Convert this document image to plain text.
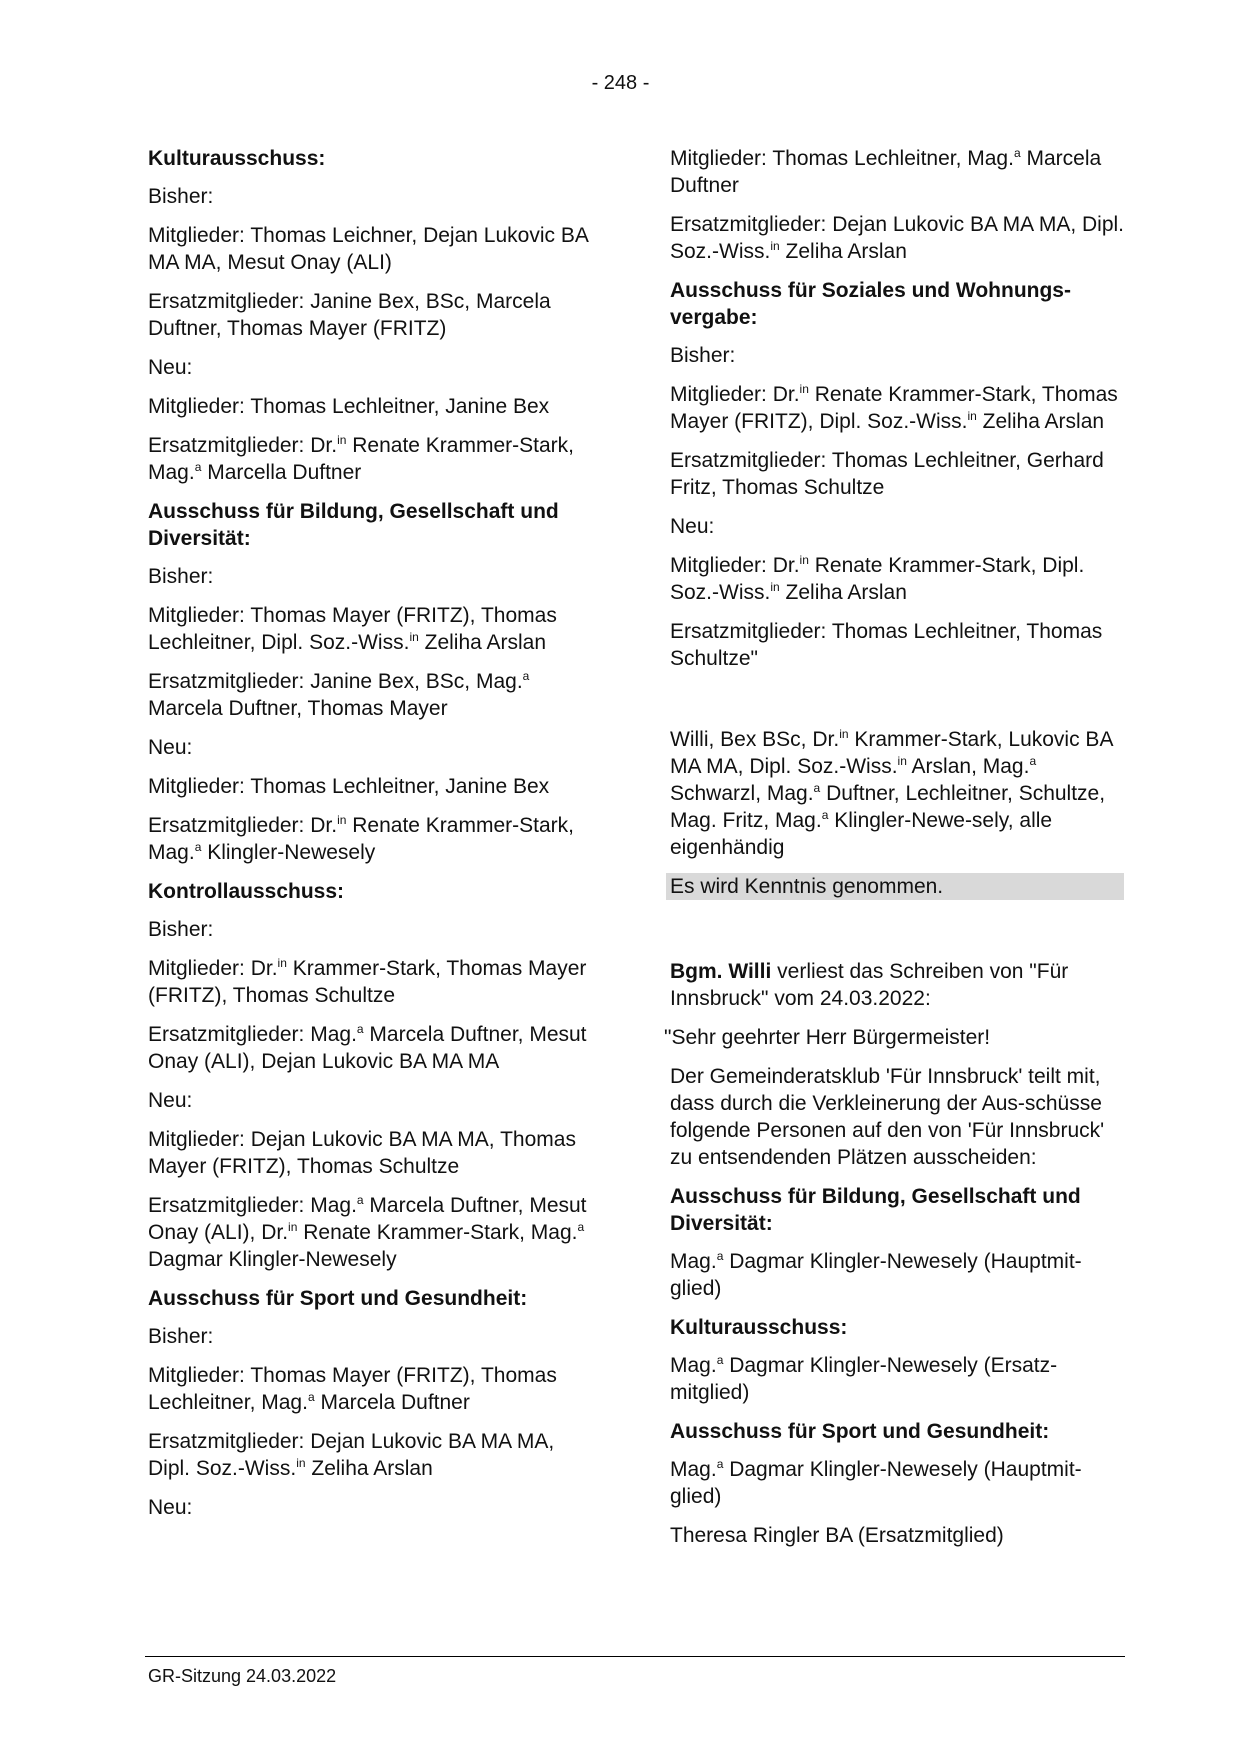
- 248 -
Kulturausschuss:
Bisher:
Mitglieder: Thomas Leichner, Dejan Lukovic BA MA MA, Mesut Onay (ALI)
Ersatzmitglieder: Janine Bex, BSc, Marcela Duftner, Thomas Mayer (FRITZ)
Neu:
Mitglieder: Thomas Lechleitner, Janine Bex
Ersatzmitglieder: Dr.$^{in}$ Renate Krammer-Stark, Mag.$^a$ Marcella Duftner
Ausschuss für Bildung, Gesellschaft und Diversität:
Bisher:
Mitglieder: Thomas Mayer (FRITZ), Thomas Lechleitner, Dipl. Soz.-Wiss.$^{in}$ Zeliha Arslan
Ersatzmitglieder: Janine Bex, BSc, Mag.$^a$ Marcela Duftner, Thomas Mayer
Neu:
Mitglieder: Thomas Lechleitner, Janine Bex
Ersatzmitglieder: Dr.$^{in}$ Renate Krammer-Stark, Mag.$^a$ Klingler-Newesely
Kontrollausschuss:
Bisher:
Mitglieder: Dr.$^{in}$ Krammer-Stark, Thomas Mayer (FRITZ), Thomas Schultze
Ersatzmitglieder: Mag.$^a$ Marcela Duftner, Mesut Onay (ALI), Dejan Lukovic BA MA MA
Neu:
Mitglieder: Dejan Lukovic BA MA MA, Thomas Mayer (FRITZ), Thomas Schultze
Ersatzmitglieder: Mag.$^a$ Marcela Duftner, Mesut Onay (ALI), Dr.$^{in}$ Renate Krammer-Stark, Mag.$^a$ Dagmar Klingler-Newesely
Ausschuss für Sport und Gesundheit:
Bisher:
Mitglieder: Thomas Mayer (FRITZ), Thomas Lechleitner, Mag.$^a$ Marcela Duftner
Ersatzmitglieder: Dejan Lukovic BA MA MA, Dipl. Soz.-Wiss.$^{in}$ Zeliha Arslan
Neu:
Mitglieder: Thomas Lechleitner, Mag.$^a$ Marcela Duftner
Ersatzmitglieder: Dejan Lukovic BA MA MA, Dipl. Soz.-Wiss.$^{in}$ Zeliha Arslan
Ausschuss für Soziales und Wohnungs-vergabe:
Bisher:
Mitglieder: Dr.$^{in}$ Renate Krammer-Stark, Thomas Mayer (FRITZ), Dipl. Soz.-Wiss.$^{in}$ Zeliha Arslan
Ersatzmitglieder: Thomas Lechleitner, Gerhard Fritz, Thomas Schultze
Neu:
Mitglieder: Dr.$^{in}$ Renate Krammer-Stark, Dipl. Soz.-Wiss.$^{in}$ Zeliha Arslan
Ersatzmitglieder: Thomas Lechleitner, Thomas Schultze"
Willi, Bex BSc, Dr.$^{in}$ Krammer-Stark, Lukovic BA MA MA, Dipl. Soz.-Wiss.$^{in}$ Arslan, Mag.$^a$ Schwarzl, Mag.$^a$ Duftner, Lechleitner, Schultze, Mag. Fritz, Mag.$^a$ Klingler-Newe-sely, alle eigenhändig
Es wird Kenntnis genommen.
Bgm. Willi verliest das Schreiben von "Für Innsbruck" vom 24.03.2022:
"Sehr geehrter Herr Bürgermeister!
Der Gemeinderatsklub 'Für Innsbruck' teilt mit, dass durch die Verkleinerung der Aus-schüsse folgende Personen auf den von 'Für Innsbruck' zu entsendenden Plätzen ausscheiden:
Ausschuss für Bildung, Gesellschaft und Diversität:
Mag.$^a$ Dagmar Klingler-Newesely (Hauptmit-glied)
Kulturausschuss:
Mag.$^a$ Dagmar Klingler-Newesely (Ersatz-mitglied)
Ausschuss für Sport und Gesundheit:
Mag.$^a$ Dagmar Klingler-Newesely (Hauptmit-glied)
Theresa Ringler BA (Ersatzmitglied)
GR-Sitzung 24.03.2022
